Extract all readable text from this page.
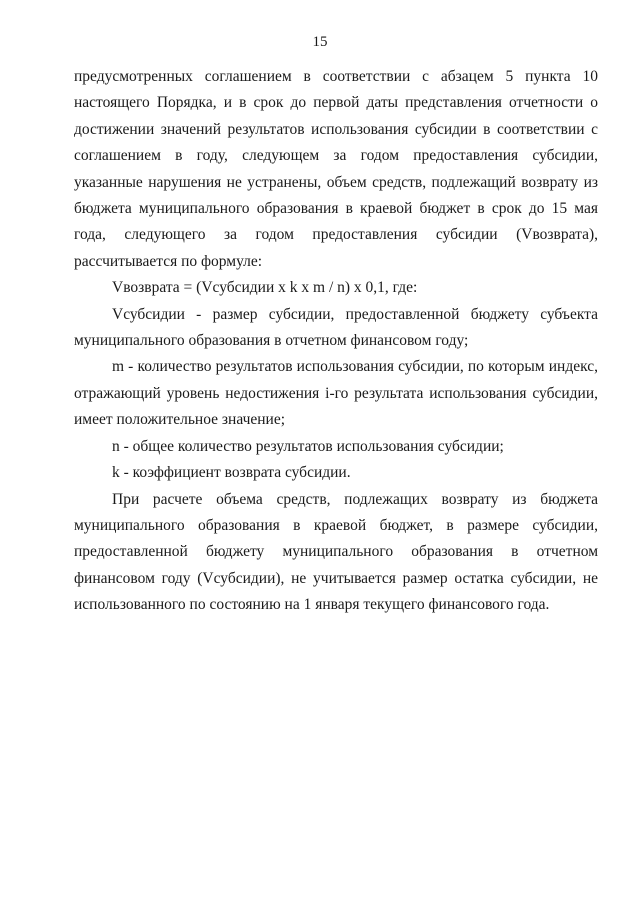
15

предусмотренных соглашением в соответствии с абзацем 5 пункта 10 настоящего Порядка, и в срок до первой даты представления отчетности о достижении значений результатов использования субсидии в соответствии с соглашением в году, следующем за годом предоставления субсидии, указанные нарушения не устранены, объем средств, подлежащий возврату из бюджета муниципального образования в краевой бюджет в срок до 15 мая года, следующего за годом предоставления субсидии (Vвозврата), рассчитывается по формуле:

Vвозврата = (Vсубсидии x k x m / n) x 0,1, где:

Vсубсидии - размер субсидии, предоставленной бюджету субъекта муниципального образования в отчетном финансовом году;

m - количество результатов использования субсидии, по которым индекс, отражающий уровень недостижения i-го результата использования субсидии, имеет положительное значение;

n - общее количество результатов использования субсидии;

k - коэффициент возврата субсидии.

При расчете объема средств, подлежащих возврату из бюджета муниципального образования в краевой бюджет, в размере субсидии, предоставленной бюджету муниципального образования в отчетном финансовом году (Vсубсидии), не учитывается размер остатка субсидии, не использованного по состоянию на 1 января текущего финансового года.
